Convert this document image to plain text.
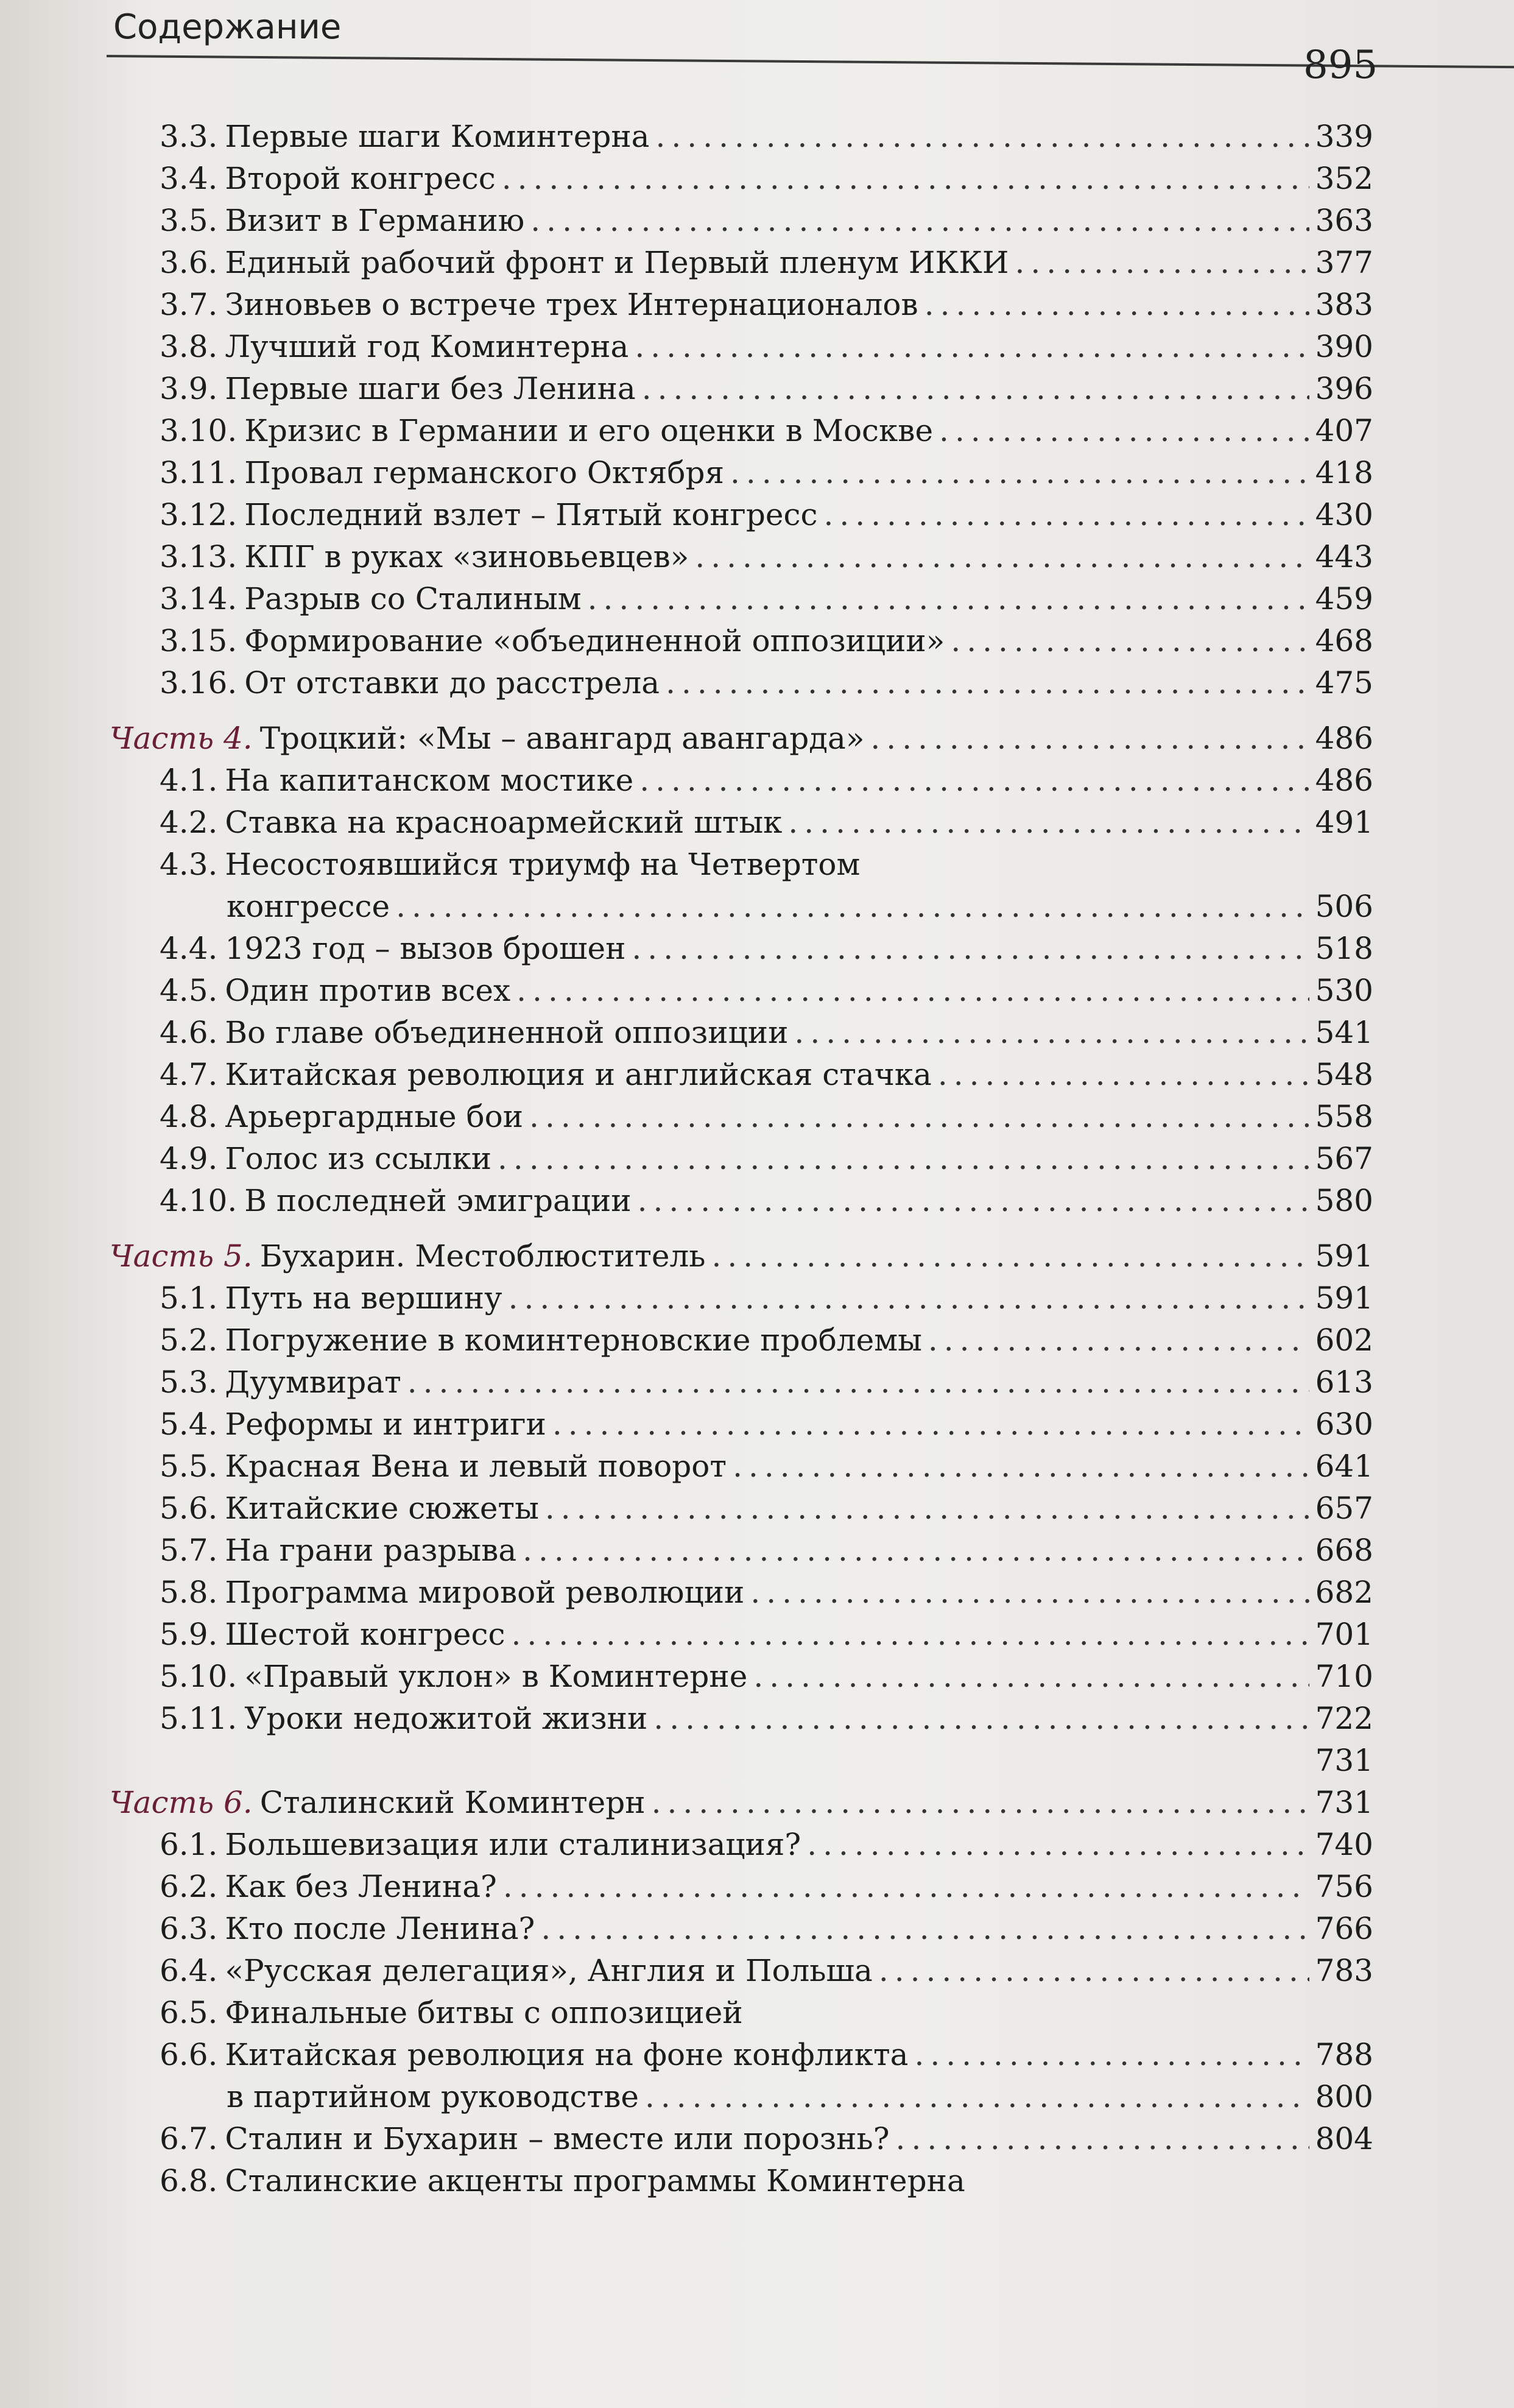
Содержание
895
3.3. Первые шаги Коминтерна .....	339
3.4. Второй конгресс .....	352
3.5. Визит в Германию .....	363
3.6. Единый рабочий фронт и Первый пленум ИККИ .....	377
3.7. Зиновьев о встрече трех Интернационалов .....	383
3.8. Лучший год Коминтерна .....	390
3.9. Первые шаги без Ленина .....	396
3.10. Кризис в Германии и его оценки в Москве .....	407
3.11. Провал германского Октября .....	418
3.12. Последний взлет – Пятый конгресс .....	430
3.13. КПГ в руках «зиновьевцев» .....	443
3.14. Разрыв со Сталиным .....	459
3.15. Формирование «объединенной оппозиции» .....	468
3.16. От отставки до расстрела .....	475
Часть 4. Троцкий: «Мы – авангард авангарда» .....	486
4.1. На капитанском мостике .....	486
4.2. Ставка на красноармейский штык .....	491
4.3. Несостоявшийся триумф на Четвертом
конгрессе .....	506
4.4. 1923 год – вызов брошен .....	518
4.5. Один против всех .....	530
4.6. Во главе объединенной оппозиции .....	541
4.7. Китайская революция и английская стачка .....	548
4.8. Арьергардные бои .....	558
4.9. Голос из ссылки .....	567
4.10. В последней эмиграции .....	580
Часть 5. Бухарин. Местоблюститель .....	591
5.1. Путь на вершину .....	591
5.2. Погружение в коминтерновские проблемы .....	602
5.3. Дуумвират .....	613
5.4. Реформы и интриги .....	630
5.5. Красная Вена и левый поворот .....	641
5.6. Китайские сюжеты .....	657
5.7. На грани разрыва .....	668
5.8. Программа мировой революции .....	682
5.9. Шестой конгресс .....	701
5.10. «Правый уклон» в Коминтерне .....	710
5.11. Уроки недожитой жизни .....	722
731
Часть 6. Сталинский Коминтерн .....	731
6.1. Большевизация или сталинизация? .....	740
6.2. Как без Ленина? .....	756
6.3. Кто после Ленина? .....	766
6.4. «Русская делегация», Англия и Польша .....	783
6.5. Финальные битвы с оппозицией
6.6. Китайская революция на фоне конфликта .....	788
в партийном руководстве .....	800
6.7. Сталин и Бухарин – вместе или порознь? .....	804
6.8. Сталинские акценты программы Коминтерна
